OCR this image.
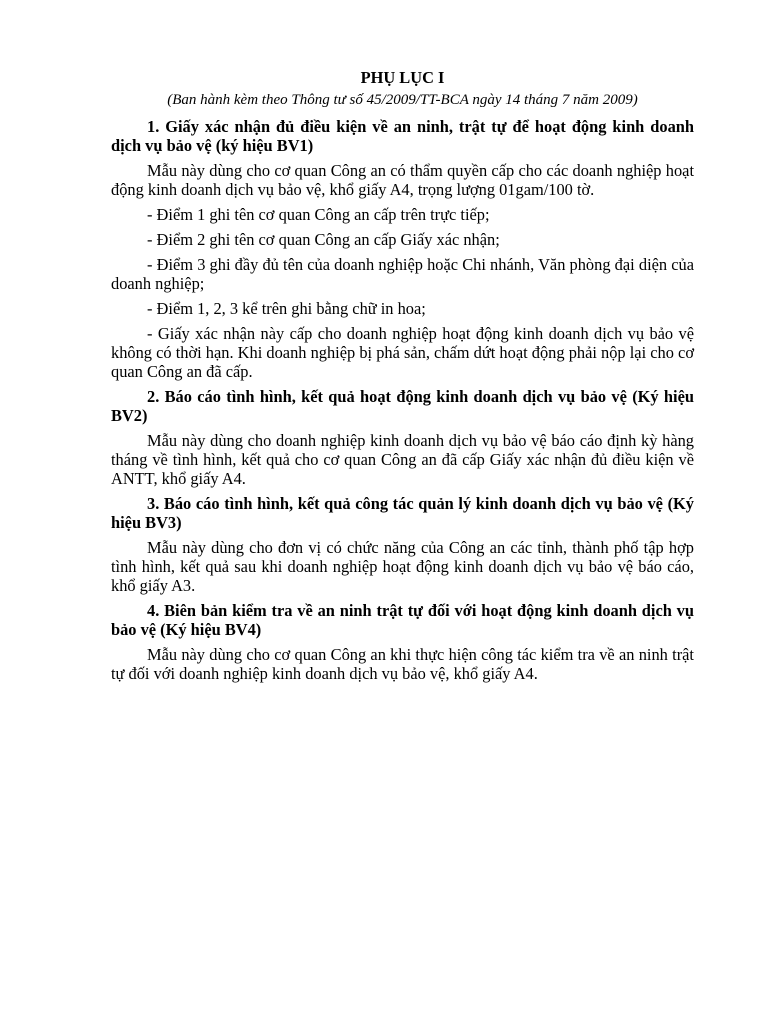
PHỤ LỤC I
(Ban hành kèm theo Thông tư số 45/2009/TT-BCA ngày 14 tháng 7 năm 2009)
1. Giấy xác nhận đủ điều kiện về an ninh, trật tự để hoạt động kinh doanh dịch vụ bảo vệ (ký hiệu BV1)
Mẫu này dùng cho cơ quan Công an có thẩm quyền cấp cho các doanh nghiệp hoạt động kinh doanh dịch vụ bảo vệ, khổ giấy A4, trọng lượng 01gam/100 tờ.
- Điểm 1 ghi tên cơ quan Công an cấp trên trực tiếp;
- Điểm 2 ghi tên cơ quan Công an cấp Giấy xác nhận;
- Điểm 3 ghi đầy đủ tên của doanh nghiệp hoặc Chi nhánh, Văn phòng đại diện của doanh nghiệp;
- Điểm 1, 2, 3 kể trên ghi bằng chữ in hoa;
- Giấy xác nhận này cấp cho doanh nghiệp hoạt động kinh doanh dịch vụ bảo vệ không có thời hạn. Khi doanh nghiệp bị phá sản, chấm dứt hoạt động phải nộp lại cho cơ quan Công an đã cấp.
2. Báo cáo tình hình, kết quả hoạt động kinh doanh dịch vụ bảo vệ (Ký hiệu BV2)
Mẫu này dùng cho doanh nghiệp kinh doanh dịch vụ bảo vệ báo cáo định kỳ hàng tháng về tình hình, kết quả cho cơ quan Công an đã cấp Giấy xác nhận đủ điều kiện về ANTT, khổ giấy A4.
3. Báo cáo tình hình, kết quả công tác quản lý kinh doanh dịch vụ bảo vệ (Ký hiệu BV3)
Mẫu này dùng cho đơn vị có chức năng của Công an các tỉnh, thành phố tập hợp tình hình, kết quả sau khi doanh nghiệp hoạt động kinh doanh dịch vụ bảo vệ báo cáo, khổ giấy A3.
4. Biên bản kiểm tra về an ninh trật tự đối với hoạt động kinh doanh dịch vụ bảo vệ (Ký hiệu BV4)
Mẫu này dùng cho cơ quan Công an khi thực hiện công tác kiểm tra về an ninh trật tự đối với doanh nghiệp kinh doanh dịch vụ bảo vệ, khổ giấy A4.
